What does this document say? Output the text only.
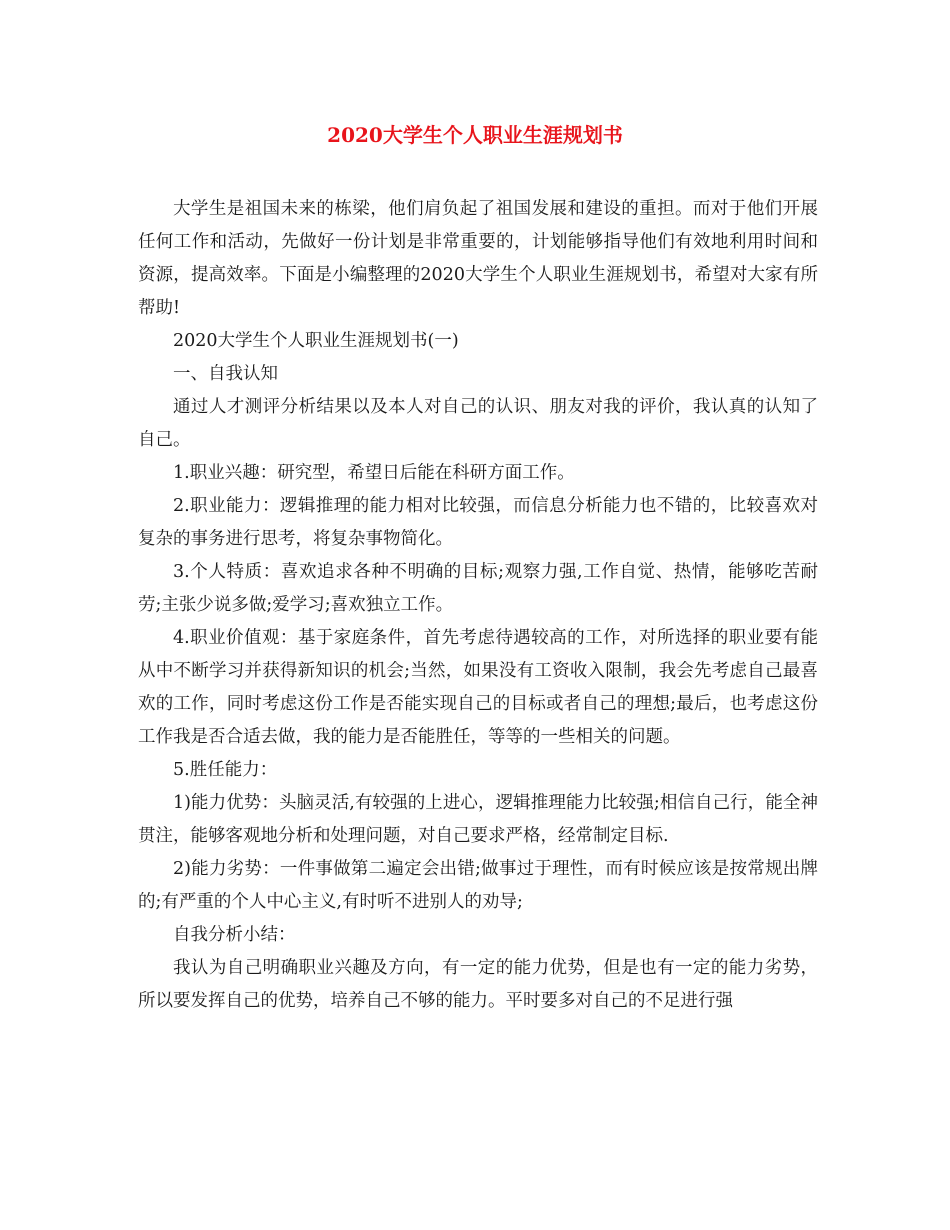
2020大学生个人职业生涯规划书

大学生是祖国未来的栋梁，他们肩负起了祖国发展和建设的重担。而对于他们开展任何工作和活动，先做好一份计划是非常重要的，计划能够指导他们有效地利用时间和资源，提高效率。下面是小编整理的2020大学生个人职业生涯规划书，希望对大家有所帮助!

2020大学生个人职业生涯规划书(一)

一、自我认知

通过人才测评分析结果以及本人对自己的认识、朋友对我的评价，我认真的认知了自己。

1.职业兴趣：研究型，希望日后能在科研方面工作。

2.职业能力：逻辑推理的能力相对比较强，而信息分析能力也不错的，比较喜欢对复杂的事务进行思考，将复杂事物简化。

3.个人特质：喜欢追求各种不明确的目标;观察力强,工作自觉、热情，能够吃苦耐劳;主张少说多做;爱学习;喜欢独立工作。

4.职业价值观：基于家庭条件，首先考虑待遇较高的工作，对所选择的职业要有能从中不断学习并获得新知识的机会;当然，如果没有工资收入限制，我会先考虑自己最喜欢的工作，同时考虑这份工作是否能实现自己的目标或者自己的理想;最后，也考虑这份工作我是否合适去做，我的能力是否能胜任，等等的一些相关的问题。

5.胜任能力：

1)能力优势：头脑灵活,有较强的上进心，逻辑推理能力比较强;相信自己行，能全神贯注，能够客观地分析和处理问题，对自己要求严格，经常制定目标.

2)能力劣势：一件事做第二遍定会出错;做事过于理性，而有时候应该是按常规出牌的;有严重的个人中心主义,有时听不进别人的劝导;

自我分析小结：

我认为自己明确职业兴趣及方向，有一定的能力优势，但是也有一定的能力劣势，所以要发挥自己的优势，培养自己不够的能力。平时要多对自己的不足进行强
